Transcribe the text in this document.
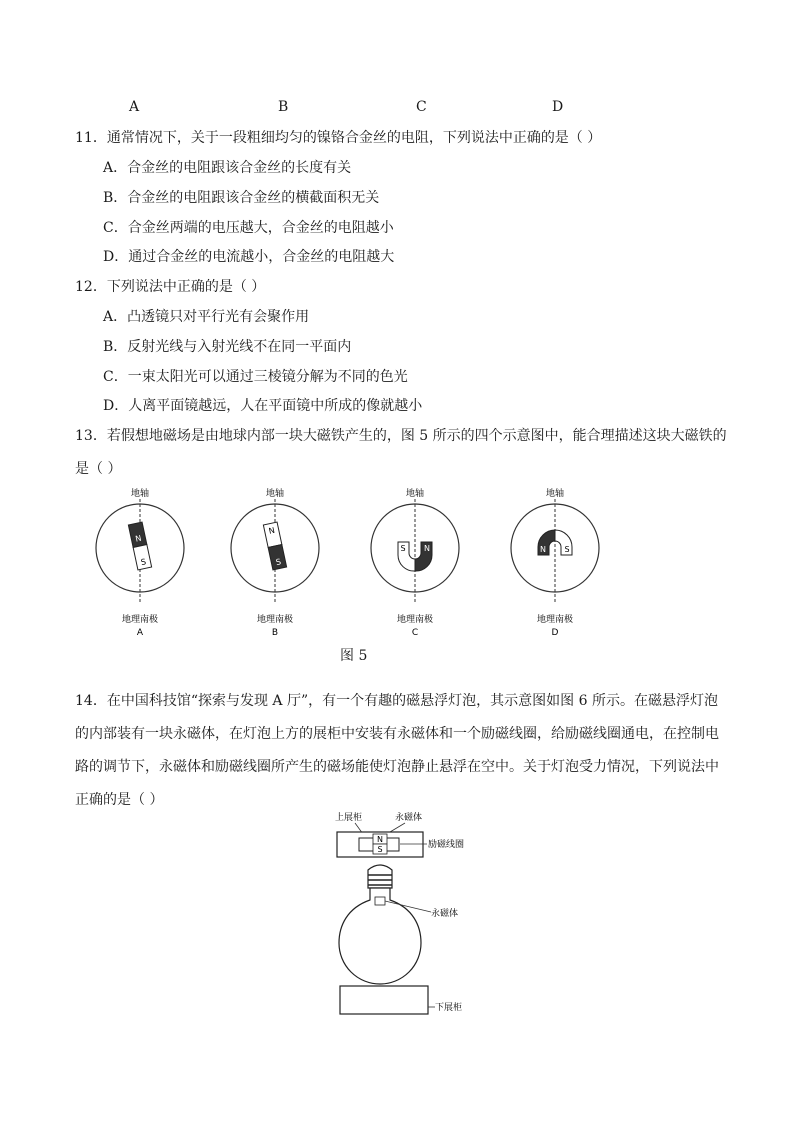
A	B	C	D
11．通常情况下，关于一段粗细均匀的镍铬合金丝的电阻，下列说法中正确的是（ ）
A．合金丝的电阻跟该合金丝的长度有关
B．合金丝的电阻跟该合金丝的横截面积无关
C．合金丝两端的电压越大，合金丝的电阻越小
D．通过合金丝的电流越小，合金丝的电阻越大
12．下列说法中正确的是（ ）
A．凸透镜只对平行光有会聚作用
B．反射光线与入射光线不在同一平面内
C．一束太阳光可以通过三棱镜分解为不同的色光
D．人离平面镜越远，人在平面镜中所成的像就越小
13．若假想地磁场是由地球内部一块大磁铁产生的，图 5 所示的四个示意图中，能合理描述这块大磁铁的
是（ ）
地轴
N
S
地理南极
A
地轴
N
S
地理南极
B
地轴
S N
地理南极
C
地轴
N S
地理南极
D
图 5
14．在中国科技馆“探索与发现 A 厅”，有一个有趣的磁悬浮灯泡，其示意图如图 6 所示。在磁悬浮灯泡
的内部装有一块永磁体，在灯泡上方的展柜中安装有永磁体和一个励磁线圈，给励磁线圈通电，在控制电
路的调节下，永磁体和励磁线圈所产生的磁场能使灯泡静止悬浮在空中。关于灯泡受力情况，下列说法中
正确的是（ ）
上展柜	永磁体
N
S	励磁线圈
永磁体
下展柜
